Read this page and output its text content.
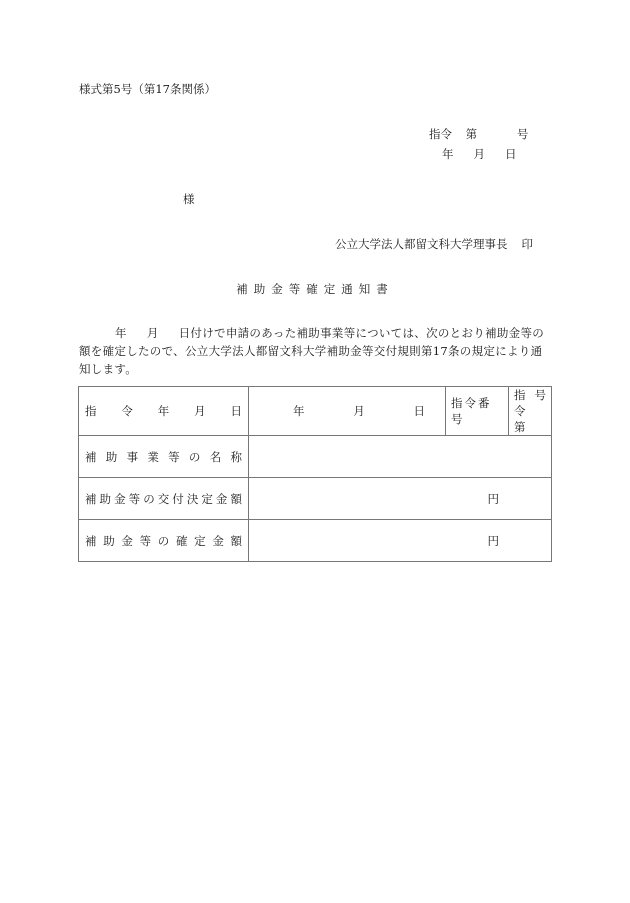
様式第5号（第17条関係）
指令 第	号
年 月 日
様
公立大学法人都留文科大学理事長 印
補助金等確定通知書
年 月 日付けで申請のあった補助事業等については、次のとおり補助金等の額を確定したので、公立大学法人都留文科大学補助金等交付規則第17条の規定により通知します。
指 令 年 月 日	年 月 日	指令番号	指令第
号

補 助 事 業 等 の 名 称

補 助 金 等 の 交 付 決 定 金 額	円

補 助 金 等 の 確 定 金 額	円
